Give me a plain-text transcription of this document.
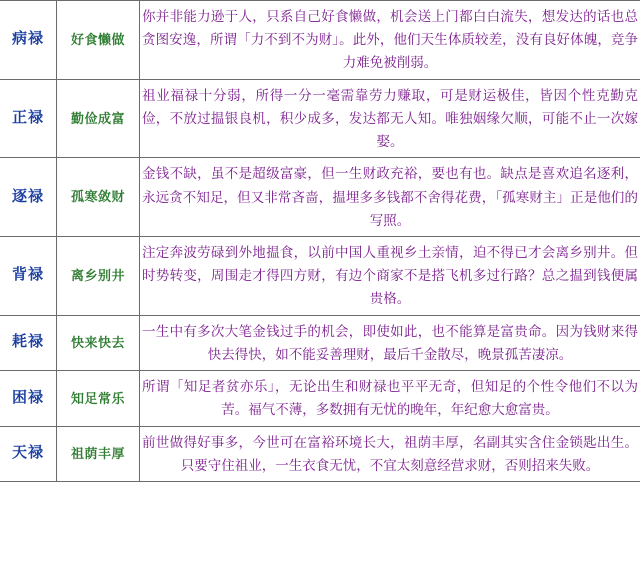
病禄	好食懒做	你并非能力逊于人，只系自己好食懒做，机会送上门都白白流失，想发达的话也总贪图安逸，所谓「力不到不为财」。此外，他们天生体质较差，没有良好体魄，竞争力难免被削弱。

正禄	勤俭成富	祖业福禄十分弱，所得一分一毫需靠劳力赚取，可是财运极佳，皆因个性克勤克俭，不放过揾银良机，积少成多，发达都无人知。唯独姻缘欠顺，可能不止一次嫁娶。

逐禄	孤寒敛财	金钱不缺，虽不是超级富豪，但一生财政充裕，要也有也。缺点是喜欢追名逐利，永远贪不知足，但又非常吝啬，揾埋多多钱都不舍得花费，「孤寒财主」正是他们的写照。

背禄	离乡别井	注定奔波劳碌到外地揾食，以前中国人重视乡土亲情，迫不得已才会离乡别井。但时势转变，周围走才得四方财，有边个商家不是搭飞机多过行路？总之揾到钱便属贵格。

耗禄	快来快去	一生中有多次大笔金钱过手的机会，即使如此，也不能算是富贵命。因为钱财来得快去得快，如不能妥善理财，最后千金散尽，晚景孤苦凄凉。

困禄	知足常乐	所谓「知足者贫亦乐」，无论出生和财禄也平平无奇，但知足的个性令他们不以为苦。福气不薄，多数拥有无忧的晚年，年纪愈大愈富贵。

天禄	祖荫丰厚	前世做得好事多，今世可在富裕环境长大，祖荫丰厚，名副其实含住金锁匙出生。只要守住祖业，一生衣食无忧，不宜太刻意经营求财，否则招来失败。
